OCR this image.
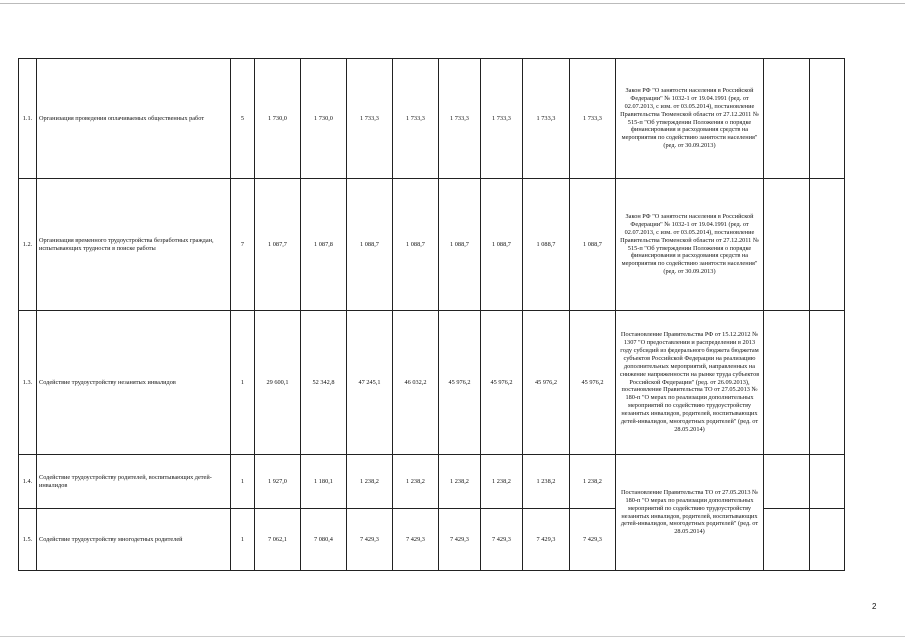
1.1.	Организация проведения оплачиваемых общественных работ	5	1 730,0	1 730,0	1 733,3	1 733,3	1 733,3	1 733,3	1 733,3	1 733,3	Закон РФ "О занятости населения в Российской Федерации" № 1032-1 от 19.04.1991 (ред. от 02.07.2013, с изм. от 03.05.2014), постановление Правительства Тюменской области от 27.12.2011 № 515-п "Об утверждении Положения о порядке финансирования и расходования средств на мероприятия по содействию занятости населения" (ред. от 30.09.2013)		
1.2.	Организация временного трудоустройства безработных граждан, испытывающих трудности в поиске работы	7	1 087,7	1 087,8	1 088,7	1 088,7	1 088,7	1 088,7	1 088,7	1 088,7	Закон РФ "О занятости населения в Российской Федерации" № 1032-1 от 19.04.1991 (ред. от 02.07.2013, с изм. от 03.05.2014), постановление Правительства Тюменской области от 27.12.2011 № 515-п "Об утверждении Положения о порядке финансирования и расходования средств на мероприятия по содействию занятости населения" (ред. от 30.09.2013)		
1.3.	Содействие трудоустройству незанятых инвалидов	1	29 600,1	52 342,8	47 245,1	46 032,2	45 976,2	45 976,2	45 976,2	45 976,2	Постановление Правительства РФ от 15.12.2012 № 1307 "О предоставлении и распределении в 2013 году субсидий из федерального бюджета бюджетам субъектов Российской Федерации на реализацию дополнительных мероприятий, направленных на снижение напряженности на рынке труда субъектов Российской Федерации" (ред. от 26.09.2013), постановление Правительства ТО от 27.05.2013 № 180-п "О мерах по реализации дополнительных мероприятий по содействию трудоустройству незанятых инвалидов, родителей, воспитывающих детей-инвалидов, многодетных родителей" (ред. от 28.05.2014)		
1.4.	Содействие трудоустройству родителей, воспитывающих детей-инвалидов	1	1 927,0	1 180,1	1 238,2	1 238,2	1 238,2	1 238,2	1 238,2	1 238,2	Постановление Правительства ТО от 27.05.2013 № 180-п "О мерах по реализации дополнительных мероприятий по содействию трудоустройству незанятых инвалидов, родителей, воспитывающих детей-инвалидов, многодетных родителей" (ред. от 28.05.2014)		
1.5.	Содействие трудоустройству многодетных родителей	1	7 062,1	7 080,4	7 429,3	7 429,3	7 429,3	7 429,3	7 429,3	7 429,3			
2
